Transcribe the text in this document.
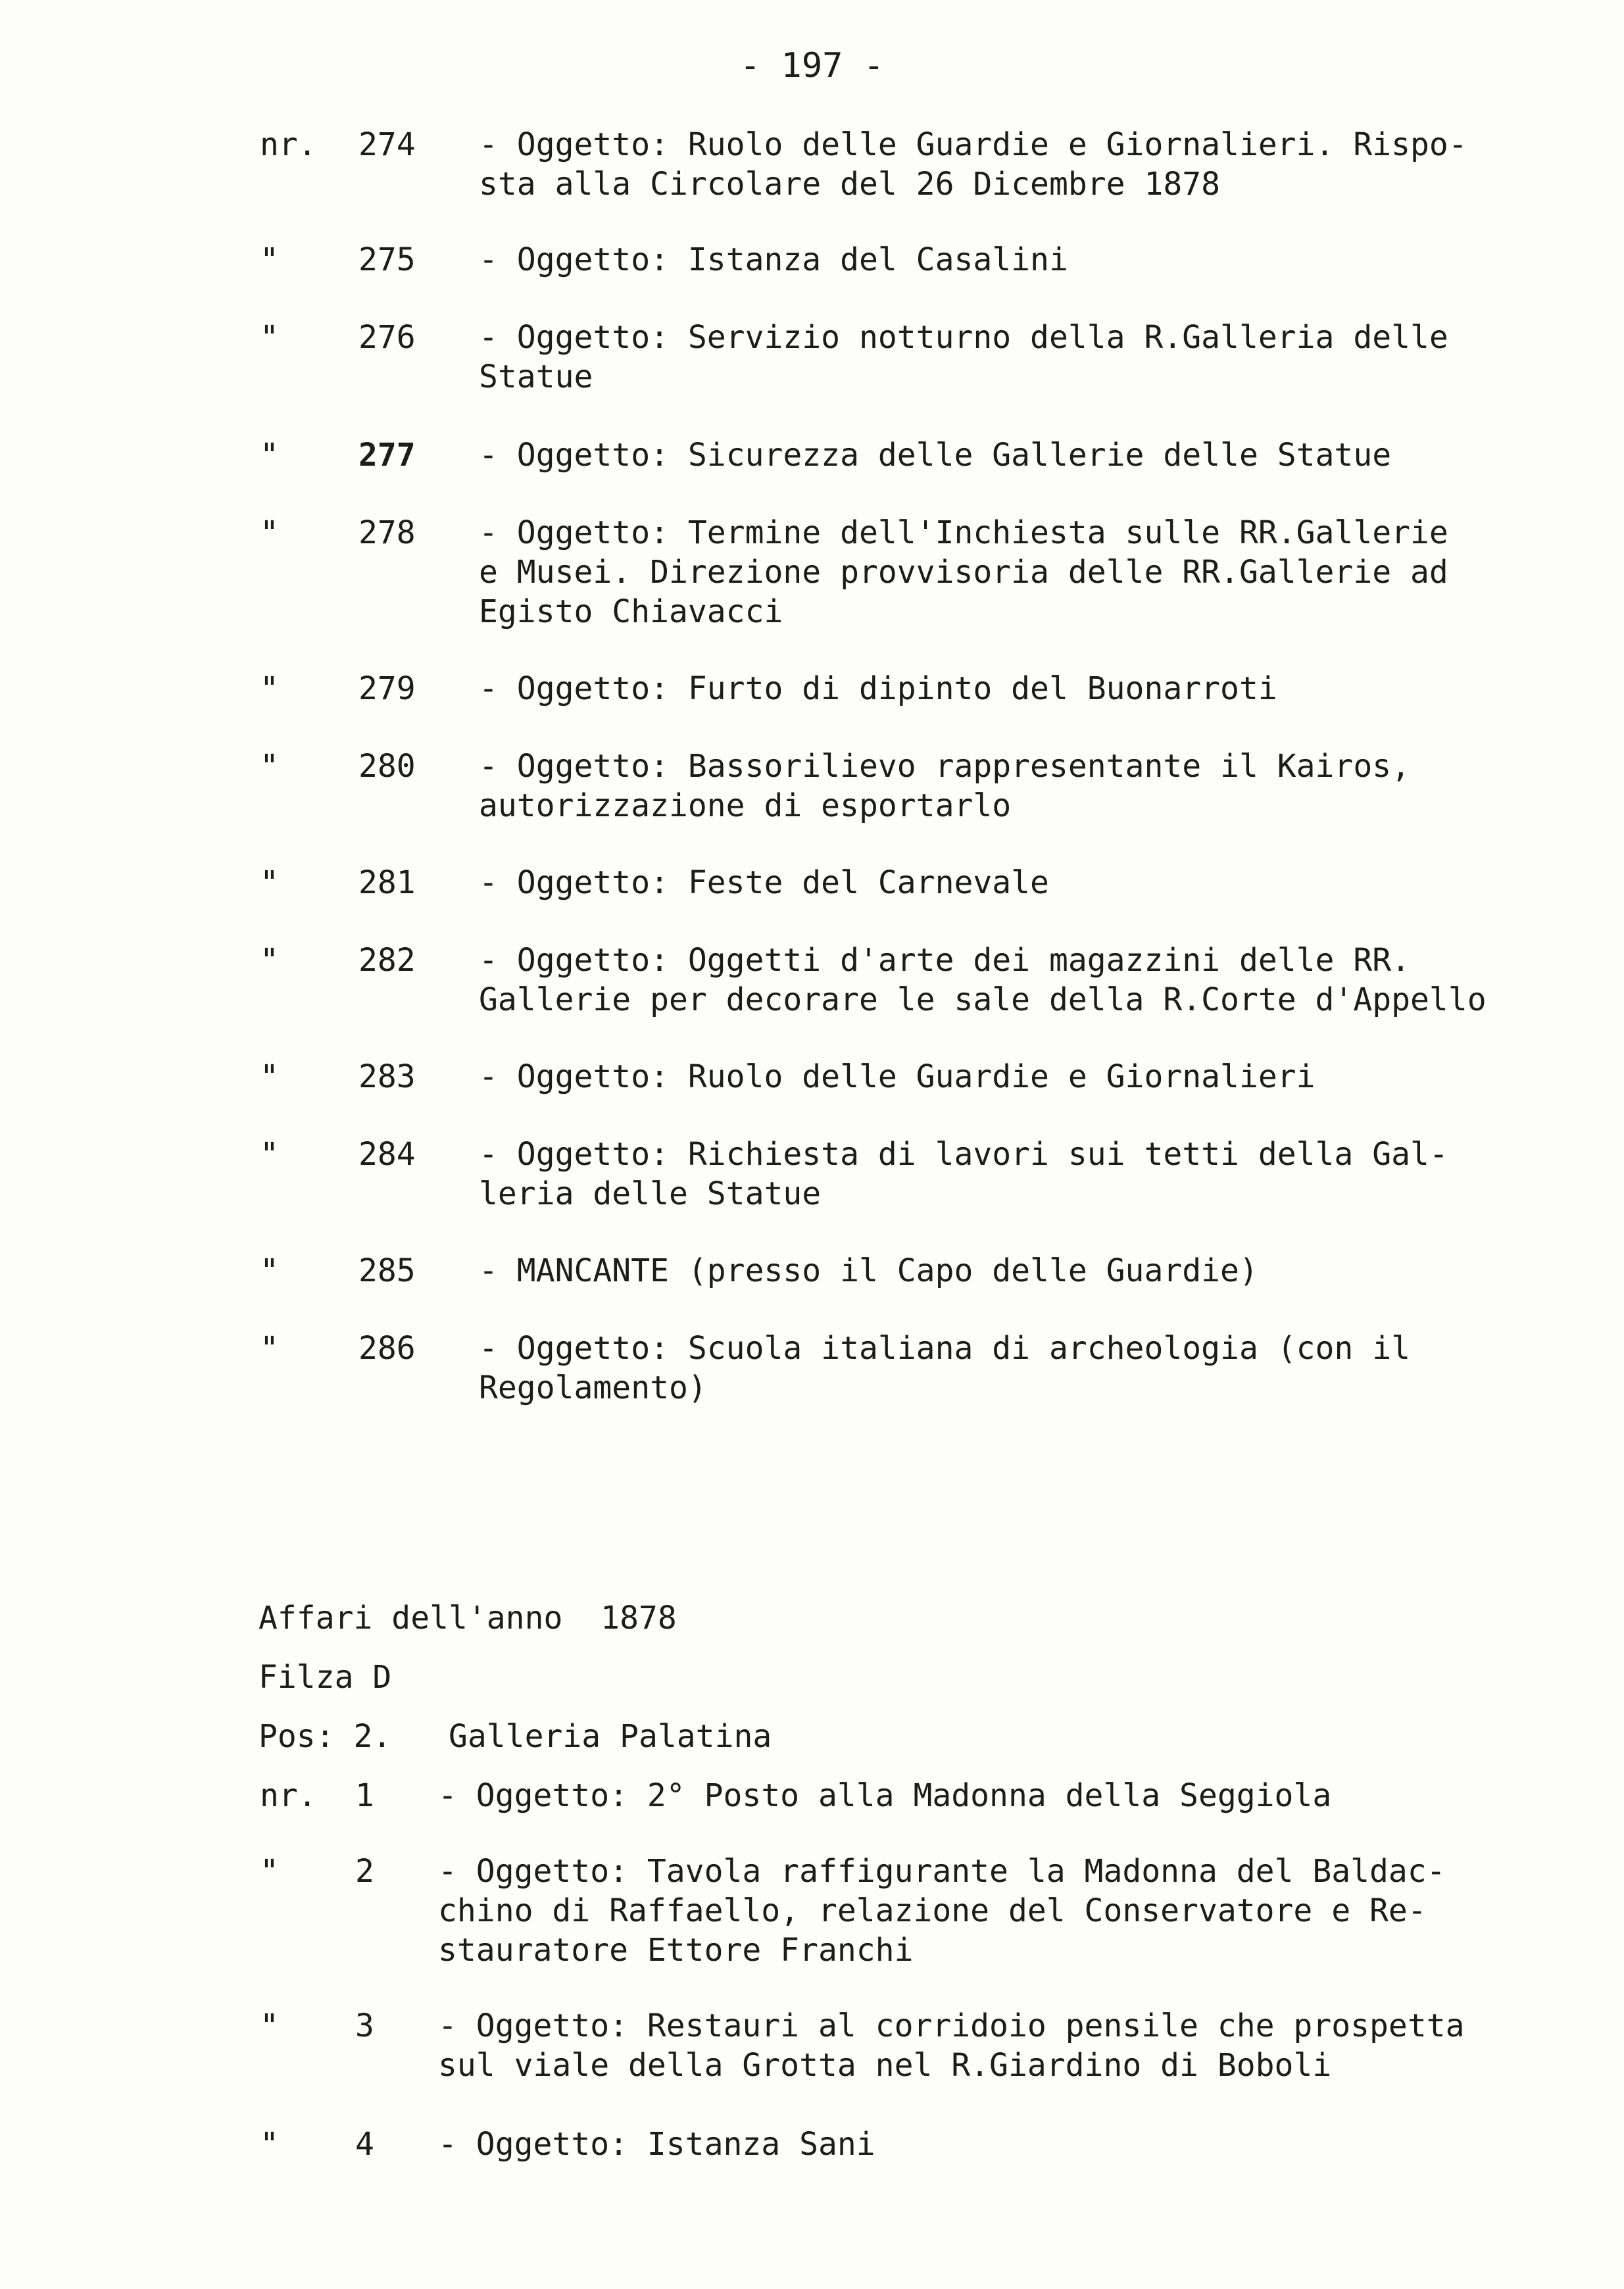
- 197 -
nr. 274 - Oggetto: Ruolo delle Guardie e Giornalieri. Rispo-
sta alla Circolare del 26 Dicembre 1878
"	275 - Oggetto: Istanza del Casalini
"	276 - Oggetto: Servizio notturno della R.Galleria delle
Statue
"	277 - Oggetto: Sicurezza delle Gallerie delle Statue
"	278 - Oggetto: Termine dell'Inchiesta sulle RR.Gallerie
e Musei. Direzione provvisoria delle RR.Gallerie ad
Egisto Chiavacci
"	279 - Oggetto: Furto di dipinto del Buonarroti
"	280 - Oggetto: Bassorilievo rappresentante il Kairos,
autorizzazione di esportarlo
"	281 - Oggetto: Feste del Carnevale
"	282 - Oggetto: Oggetti d'arte dei magazzini delle RR.
Gallerie per decorare le sale della R.Corte d'Appello
"	283 - Oggetto: Ruolo delle Guardie e Giornalieri
"	284 - Oggetto: Richiesta di lavori sui tetti della Gal-
leria delle Statue
"	285 - MANCANTE (presso il Capo delle Guardie)
"	286 - Oggetto: Scuola italiana di archeologia (con il
Regolamento)
Affari dell'anno  1878
Filza D
Pos: 2.   Galleria Palatina
nr. 1 - Oggetto: 2° Posto alla Madonna della Seggiola
" 2 - Oggetto: Tavola raffigurante la Madonna del Baldac-
chino di Raffaello, relazione del Conservatore e Re-
stauratore Ettore Franchi
" 3 - Oggetto: Restauri al corridoio pensile che prospetta
sul viale della Grotta nel R.Giardino di Boboli
" 4 - Oggetto: Istanza Sani
